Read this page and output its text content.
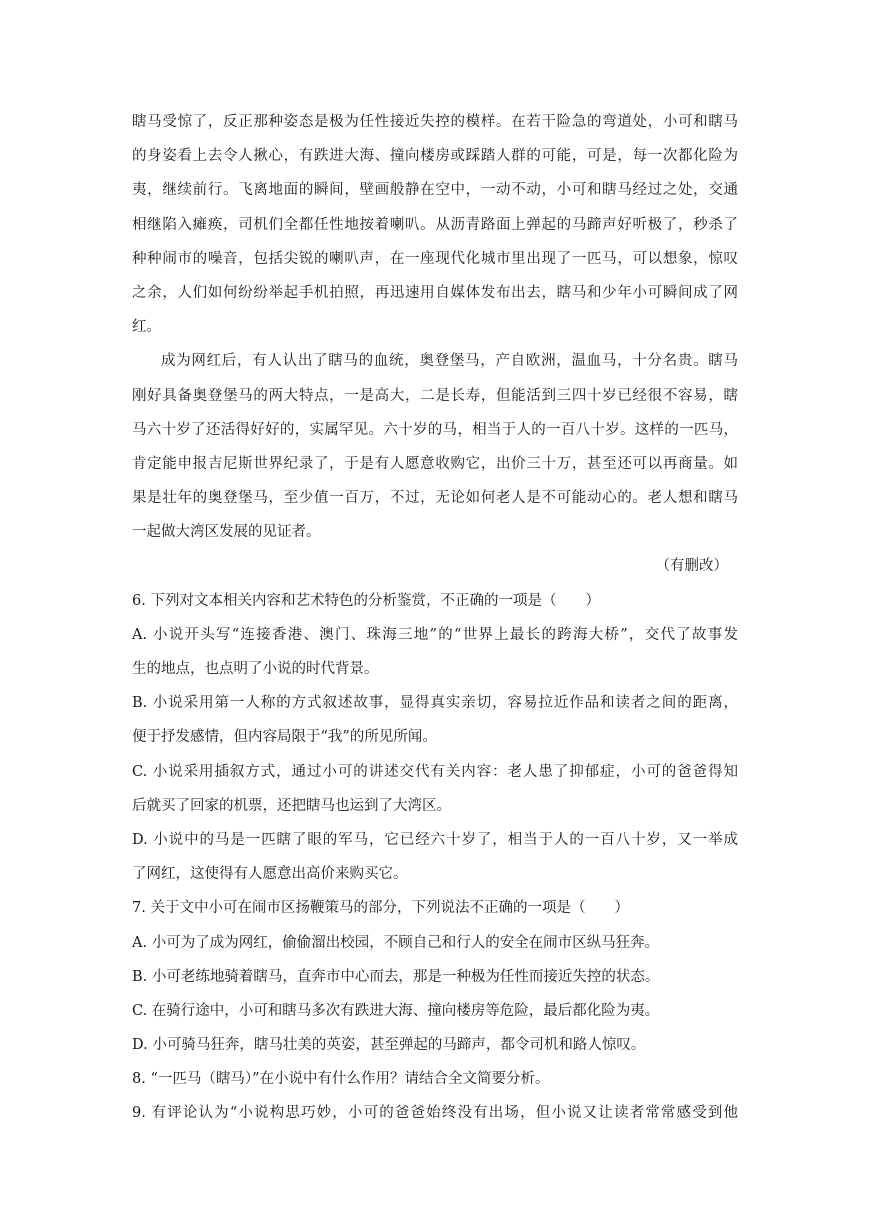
瞎马受惊了，反正那种姿态是极为任性接近失控的模样。在若干险急的弯道处，小可和瞎马
的身姿看上去令人揪心，有跌进大海、撞向楼房或踩踏人群的可能，可是，每一次都化险为
夷，继续前行。飞离地面的瞬间，壁画般静在空中，一动不动，小可和瞎马经过之处，交通
相继陷入瘫痪，司机们全都任性地按着喇叭。从沥青路面上弹起的马蹄声好听极了，秒杀了
种种闹市的噪音，包括尖锐的喇叭声，在一座现代化城市里出现了一匹马，可以想象，惊叹
之余，人们如何纷纷举起手机拍照，再迅速用自媒体发布出去，瞎马和少年小可瞬间成了网
红。
成为网红后，有人认出了瞎马的血统，奥登堡马，产自欧洲，温血马，十分名贵。瞎马
刚好具备奥登堡马的两大特点，一是高大，二是长寿，但能活到三四十岁已经很不容易，瞎
马六十岁了还活得好好的，实属罕见。六十岁的马，相当于人的一百八十岁。这样的一匹马，
肯定能申报吉尼斯世界纪录了，于是有人愿意收购它，出价三十万，甚至还可以再商量。如
果是壮年的奥登堡马，至少值一百万，不过，无论如何老人是不可能动心的。老人想和瞎马
一起做大湾区发展的见证者。
（有删改）
6. 下列对文本相关内容和艺术特色的分析鉴赏，不正确的一项是（　　）
A. 小说开头写“连接香港、澳门、珠海三地”的“世界上最长的跨海大桥”，交代了故事发
生的地点，也点明了小说的时代背景。
B. 小说采用第一人称的方式叙述故事，显得真实亲切，容易拉近作品和读者之间的距离，
便于抒发感情，但内容局限于“我”的所见所闻。
C. 小说采用插叙方式，通过小可的讲述交代有关内容：老人患了抑郁症，小可的爸爸得知
后就买了回家的机票，还把瞎马也运到了大湾区。
D. 小说中的马是一匹瞎了眼的军马，它已经六十岁了，相当于人的一百八十岁，又一举成
了网红，这使得有人愿意出高价来购买它。
7. 关于文中小可在闹市区扬鞭策马的部分，下列说法不正确的一项是（　　）
A. 小可为了成为网红，偷偷溜出校园，不顾自己和行人的安全在闹市区纵马狂奔。
B. 小可老练地骑着瞎马，直奔市中心而去，那是一种极为任性而接近失控的状态。
C. 在骑行途中，小可和瞎马多次有跌进大海、撞向楼房等危险，最后都化险为夷。
D. 小可骑马狂奔，瞎马壮美的英姿，甚至弹起的马蹄声，都令司机和路人惊叹。
8. “一匹马（瞎马）”在小说中有什么作用？请结合全文简要分析。
9. 有评论认为“小说构思巧妙，小可的爸爸始终没有出场，但小说又让读者常常感受到他
